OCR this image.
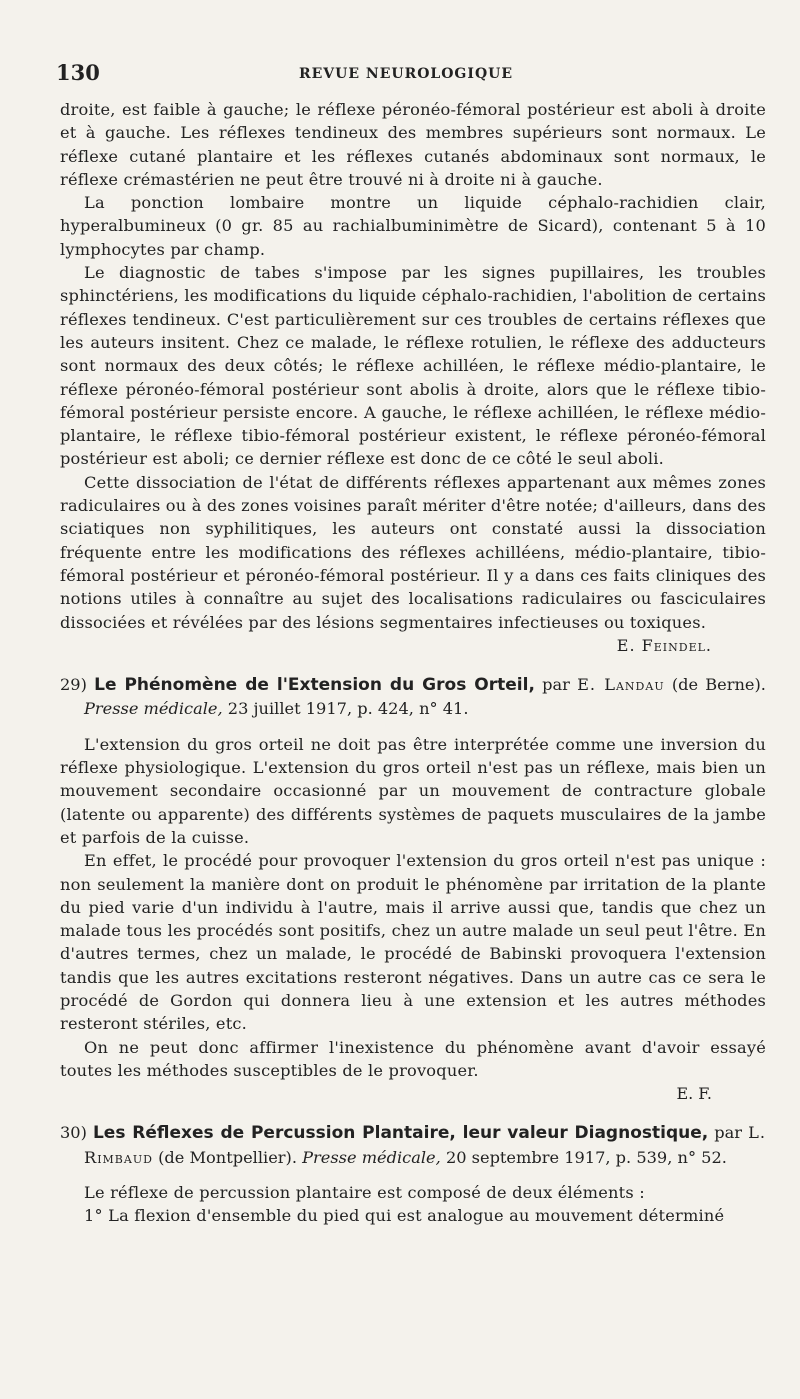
130	REVUE NEUROLOGIQUE

droite, est faible à gauche; le réflexe péronéo-fémoral postérieur est aboli à droite et à gauche. Les réflexes tendineux des membres supérieurs sont normaux. Le réflexe cutané plantaire et les réflexes cutanés abdominaux sont normaux, le réflexe crémastérien ne peut être trouvé ni à droite ni à gauche.

La ponction lombaire montre un liquide céphalo-rachidien clair, hyperalbumineux (0 gr. 85 au rachialbuminimètre de Sicard), contenant 5 à 10 lymphocytes par champ.

Le diagnostic de tabes s'impose par les signes pupillaires, les troubles sphinctériens, les modifications du liquide céphalo-rachidien, l'abolition de certains réflexes tendineux. C'est particulièrement sur ces troubles de certains réflexes que les auteurs insitent. Chez ce malade, le réflexe rotulien, le réflexe des adducteurs sont normaux des deux côtés; le réflexe achilléen, le réflexe médio-plantaire, le réflexe péronéo-fémoral postérieur sont abolis à droite, alors que le réflexe tibio-fémoral postérieur persiste encore. A gauche, le réflexe achilléen, le réflexe médio-plantaire, le réflexe tibio-fémoral postérieur existent, le réflexe péronéo-fémoral postérieur est aboli; ce dernier réflexe est donc de ce côté le seul aboli.

Cette dissociation de l'état de différents réflexes appartenant aux mêmes zones radiculaires ou à des zones voisines paraît mériter d'être notée; d'ailleurs, dans des sciatiques non syphilitiques, les auteurs ont constaté aussi la dissociation fréquente entre les modifications des réflexes achilléens, médio-plantaire, tibio-fémoral postérieur et péronéo-fémoral postérieur. Il y a dans ces faits cliniques des notions utiles à connaître au sujet des localisations radiculaires ou fasciculaires dissociées et révélées par des lésions segmentaires infectieuses ou toxiques.

E. Feindel.

29) Le Phénomène de l'Extension du Gros Orteil, par E. Landau (de Berne). Presse médicale, 23 juillet 1917, p. 424, n° 41.

L'extension du gros orteil ne doit pas être interprétée comme une inversion du réflexe physiologique. L'extension du gros orteil n'est pas un réflexe, mais bien un mouvement secondaire occasionné par un mouvement de contracture globale (latente ou apparente) des différents systèmes de paquets musculaires de la jambe et parfois de la cuisse.

En effet, le procédé pour provoquer l'extension du gros orteil n'est pas unique : non seulement la manière dont on produit le phénomène par irritation de la plante du pied varie d'un individu à l'autre, mais il arrive aussi que, tandis que chez un malade tous les procédés sont positifs, chez un autre malade un seul peut l'être. En d'autres termes, chez un malade, le procédé de Babinski provoquera l'extension tandis que les autres excitations resteront négatives. Dans un autre cas ce sera le procédé de Gordon qui donnera lieu à une extension et les autres méthodes resteront stériles, etc.

On ne peut donc affirmer l'inexistence du phénomène avant d'avoir essayé toutes les méthodes susceptibles de le provoquer.

E. F.

30) Les Réflexes de Percussion Plantaire, leur valeur Diagnostique, par L. Rimbaud (de Montpellier). Presse médicale, 20 septembre 1917, p. 539, n° 52.

Le réflexe de percussion plantaire est composé de deux éléments :

1° La flexion d'ensemble du pied qui est analogue au mouvement déterminé
